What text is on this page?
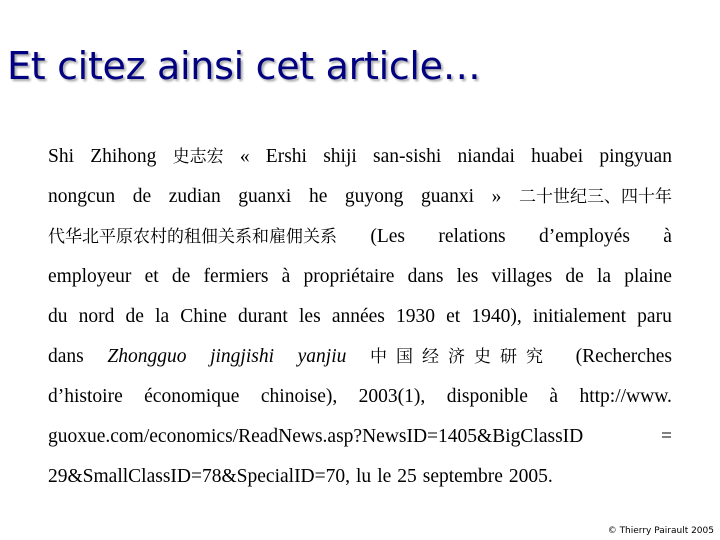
Et citez ainsi cet article…
Shi Zhihong 史志宏 « Ershi shiji san-sishi niandai huabei pingyuan
nongcun de zudian guanxi he guyong guanxi » 二十世纪三、四十年
代华北平原农村的租佃关系和雇佣关系 (Les relations d’employés à
employeur et de fermiers à propriétaire dans les villages de la plaine
du nord de la Chine durant les années 1930 et 1940), initialement paru
dans Zhongguo jingjishi yanjiu 中国经济史研究 (Recherches
d’histoire économique chinoise), 2003(1), disponible à http://www.
guoxue.com/economics/ReadNews.asp?NewsID=1405&BigClassID	=
29&SmallClassID=78&SpecialID=70, lu le 25 septembre 2005.
© Thierry Pairault 2005
